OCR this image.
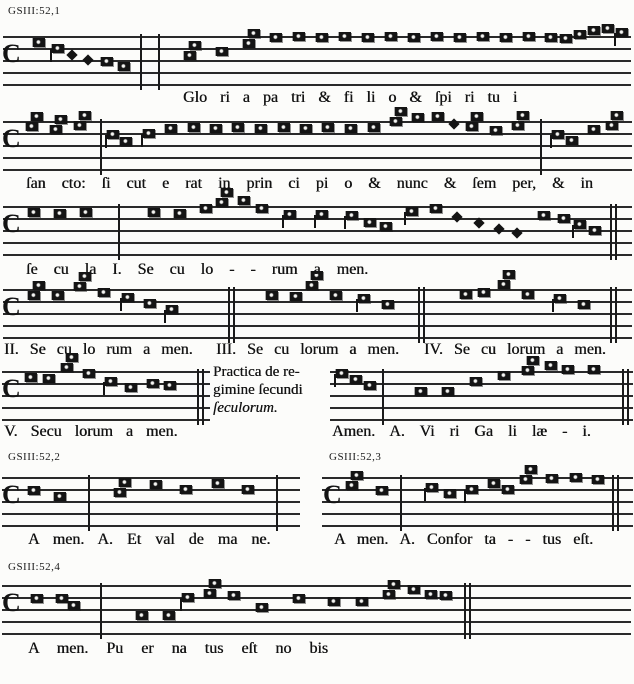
GSIII:52,1
GSIII:52,2	GSIII:52,3
GSIII:52,4
C
C
C
C
C
C	C
C
Glo ri a pa tri & fi li o & ſpi ri tu i
ſan cto: ſi cut e rat in prin ci pi o & nunc & ſem per, & in
ſe cu la I. Se cu lo - - rum a men.
II. Se cu lo rum a men. III. Se cu lorum a men. IV. Se cu lorum a men.
V. Secu lorum a men.	Amen. A. Vi ri Ga li læ - i.
A men. A. Et val de ma ne.	A men. A. Confor ta - - tus eſt.
A men. Pu er na tus eſt no bis
Practica de re-
gimine ſecundi
ſeculorum.
